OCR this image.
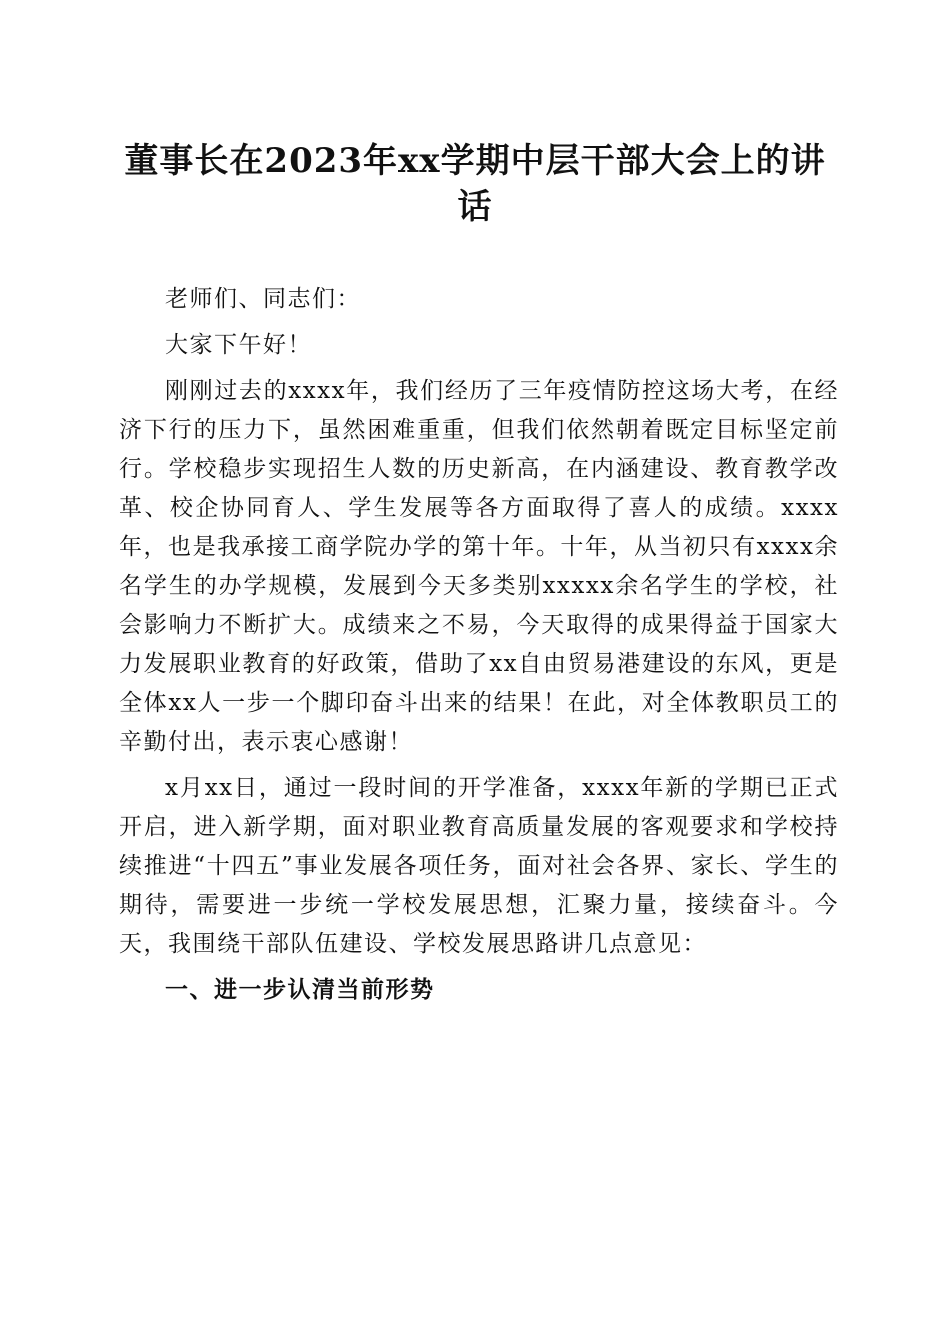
董事长在2023年xx学期中层干部大会上的讲话

老师们、同志们：

大家下午好！

刚刚过去的xxxx年，我们经历了三年疫情防控这场大考，在经济下行的压力下，虽然困难重重，但我们依然朝着既定目标坚定前行。学校稳步实现招生人数的历史新高，在内涵建设、教育教学改革、校企协同育人、学生发展等各方面取得了喜人的成绩。xxxx年，也是我承接工商学院办学的第十年。十年，从当初只有xxxx余名学生的办学规模，发展到今天多类别xxxxx余名学生的学校，社会影响力不断扩大。成绩来之不易，今天取得的成果得益于国家大力发展职业教育的好政策，借助了xx自由贸易港建设的东风，更是全体xx人一步一个脚印奋斗出来的结果！在此，对全体教职员工的辛勤付出，表示衷心感谢！

x月xx日，通过一段时间的开学准备，xxxx年新的学期已正式开启，进入新学期，面对职业教育高质量发展的客观要求和学校持续推进“十四五”事业发展各项任务，面对社会各界、家长、学生的期待，需要进一步统一学校发展思想，汇聚力量，接续奋斗。今天，我围绕干部队伍建设、学校发展思路讲几点意见：

一、进一步认清当前形势
